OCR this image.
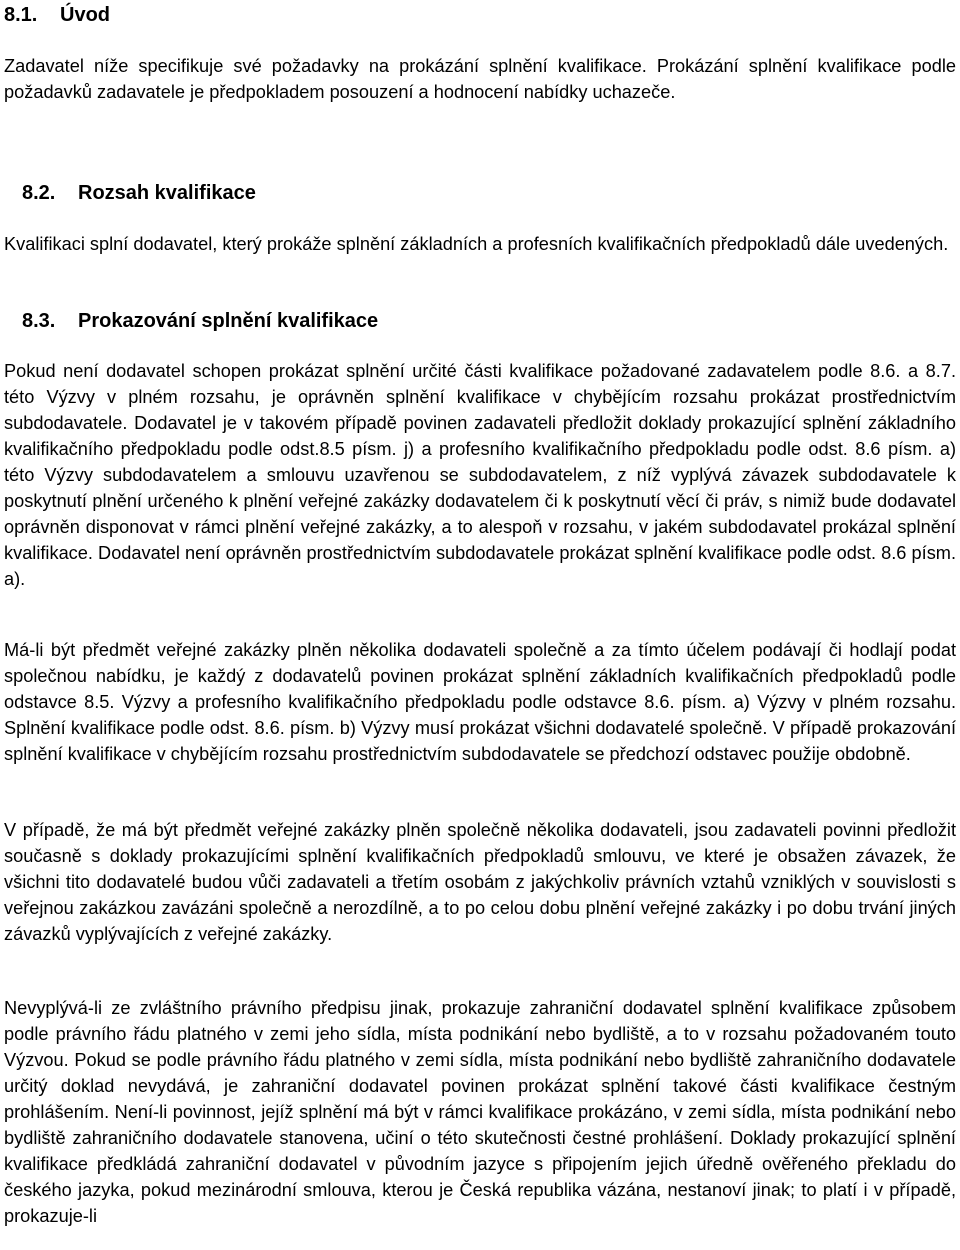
8.1. Úvod

Zadavatel níže specifikuje své požadavky na prokázání splnění kvalifikace. Prokázání splnění kvalifikace podle požadavků zadavatele je předpokladem posouzení a hodnocení nabídky uchazeče.

8.2. Rozsah kvalifikace

Kvalifikaci splní dodavatel, který prokáže splnění základních a profesních kvalifikačních předpokladů dále uvedených.

8.3. Prokazování splnění kvalifikace

Pokud není dodavatel schopen prokázat splnění určité části kvalifikace požadované zadavatelem podle 8.6. a 8.7. této Výzvy v plném rozsahu, je oprávněn splnění kvalifikace v chybějícím rozsahu prokázat prostřednictvím subdodavatele. Dodavatel je v takovém případě povinen zadavateli předložit doklady prokazující splnění základního kvalifikačního předpokladu podle odst.8.5 písm. j) a profesního kvalifikačního předpokladu podle odst. 8.6 písm. a) této Výzvy subdodavatelem a smlouvu uzavřenou se subdodavatelem, z níž vyplývá závazek subdodavatele k poskytnutí plnění určeného k plnění veřejné zakázky dodavatelem či k poskytnutí věcí či práv, s nimiž bude dodavatel oprávněn disponovat v rámci plnění veřejné zakázky, a to alespoň v rozsahu, v jakém subdodavatel prokázal splnění kvalifikace. Dodavatel není oprávněn prostřednictvím subdodavatele prokázat splnění kvalifikace podle odst. 8.6 písm. a).

Má-li být předmět veřejné zakázky plněn několika dodavateli společně a za tímto účelem podávají či hodlají podat společnou nabídku, je každý z dodavatelů povinen prokázat splnění základních kvalifikačních předpokladů podle odstavce 8.5. Výzvy a profesního kvalifikačního předpokladu podle odstavce 8.6. písm. a) Výzvy v plném rozsahu. Splnění kvalifikace podle odst. 8.6. písm. b) Výzvy musí prokázat všichni dodavatelé společně. V případě prokazování splnění kvalifikace v chybějícím rozsahu prostřednictvím subdodavatele se předchozí odstavec použije obdobně.

V případě, že má být předmět veřejné zakázky plněn společně několika dodavateli, jsou zadavateli povinni předložit současně s doklady prokazujícími splnění kvalifikačních předpokladů smlouvu, ve které je obsažen závazek, že všichni tito dodavatelé budou vůči zadavateli a třetím osobám z jakýchkoliv právních vztahů vzniklých v souvislosti s veřejnou zakázkou zavázáni společně a nerozdílně, a to po celou dobu plnění veřejné zakázky i po dobu trvání jiných závazků vyplývajících z veřejné zakázky.

Nevyplývá-li ze zvláštního právního předpisu jinak, prokazuje zahraniční dodavatel splnění kvalifikace způsobem podle právního řádu platného v zemi jeho sídla, místa podnikání nebo bydliště, a to v rozsahu požadovaném touto Výzvou. Pokud se podle právního řádu platného v zemi sídla, místa podnikání nebo bydliště zahraničního dodavatele určitý doklad nevydává, je zahraniční dodavatel povinen prokázat splnění takové části kvalifikace čestným prohlášením. Není-li povinnost, jejíž splnění má být v rámci kvalifikace prokázáno, v zemi sídla, místa podnikání nebo bydliště zahraničního dodavatele stanovena, učiní o této skutečnosti čestné prohlášení. Doklady prokazující splnění kvalifikace předkládá zahraniční dodavatel v původním jazyce s připojením jejich úředně ověřeného překladu do českého jazyka, pokud mezinárodní smlouva, kterou je Česká republika vázána, nestanoví jinak; to platí i v případě, prokazuje-li
